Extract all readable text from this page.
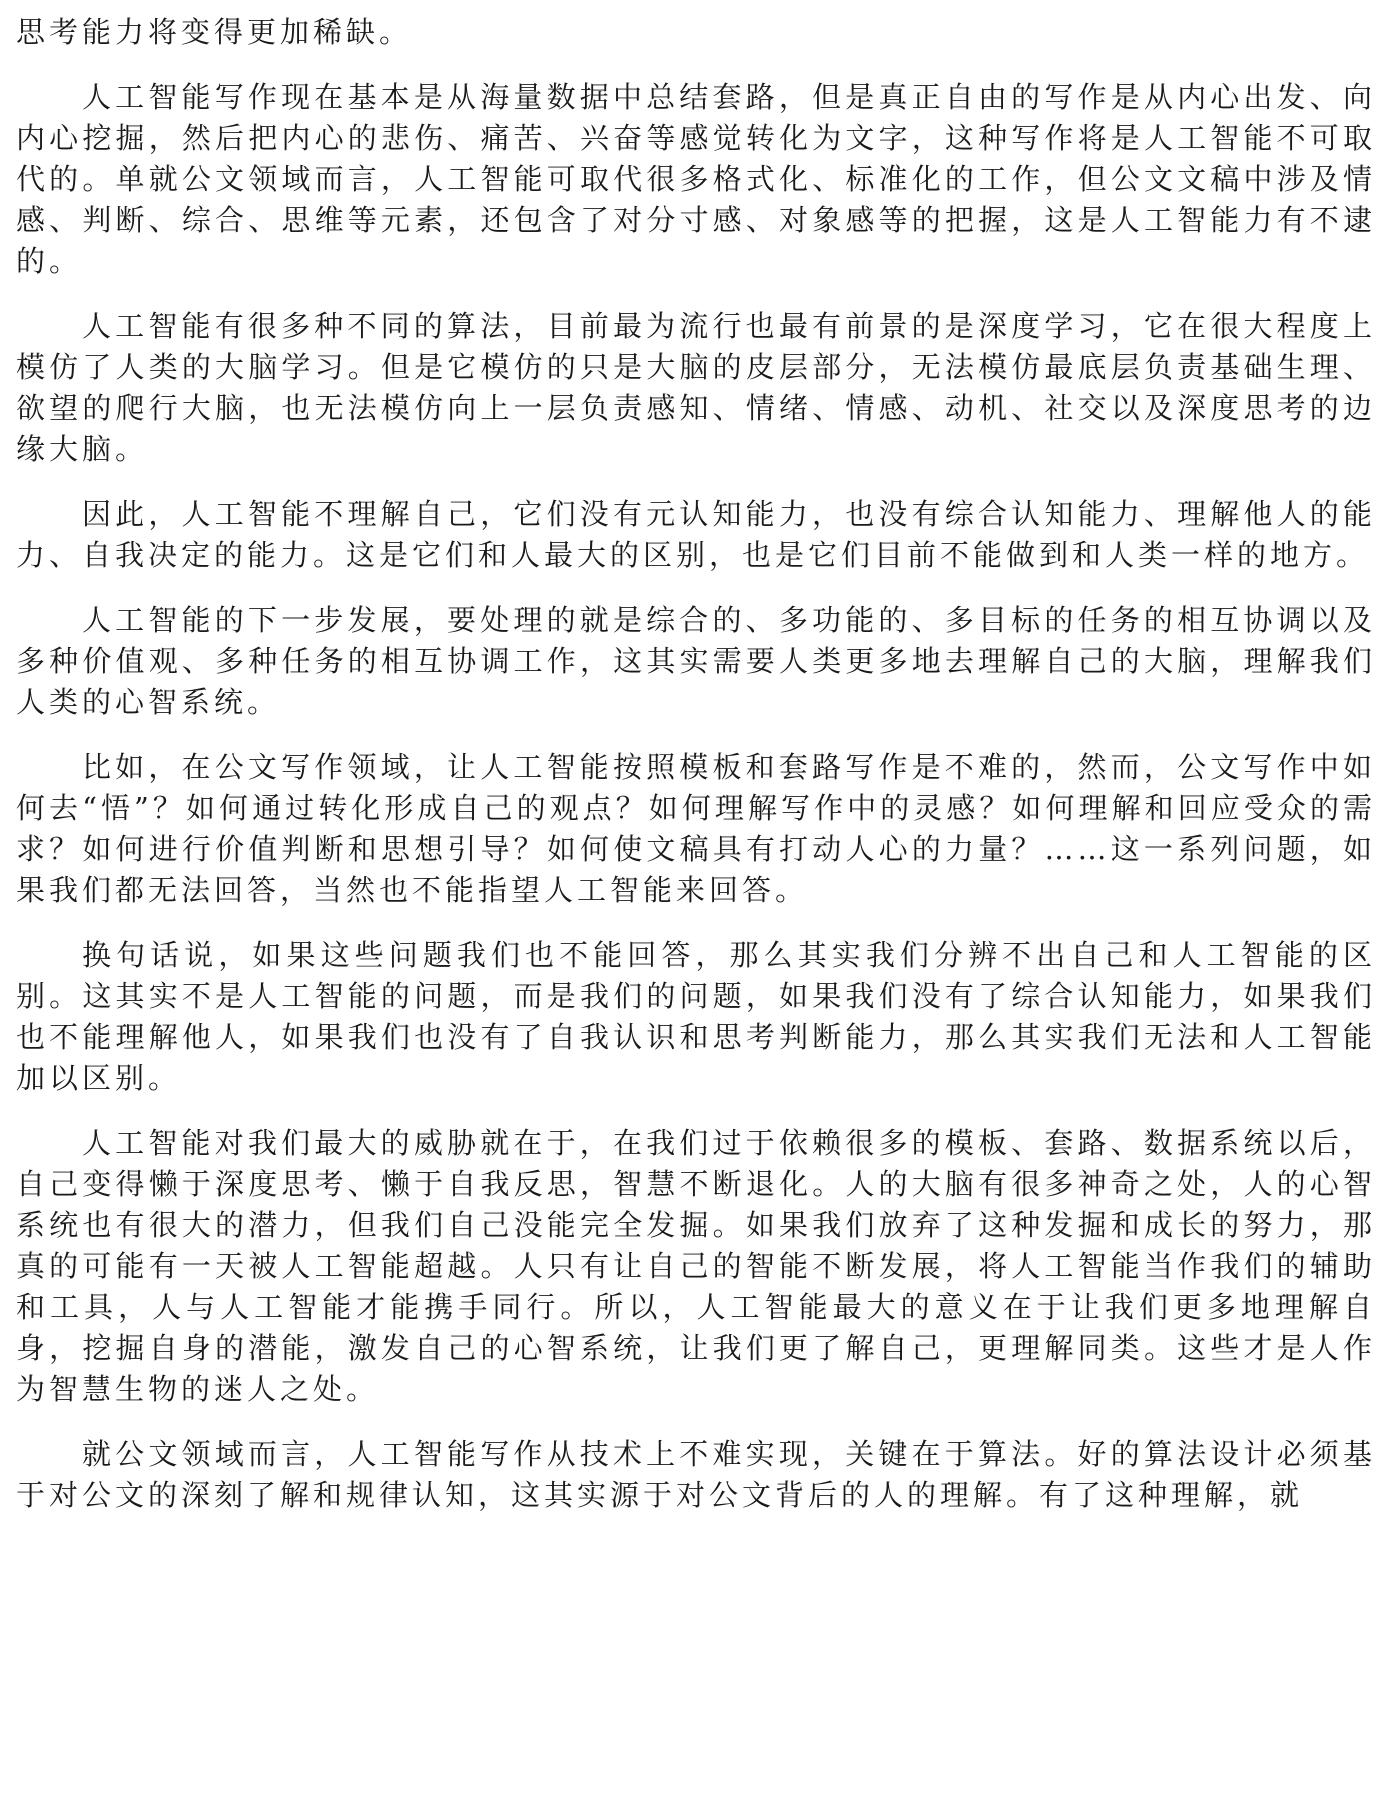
思考能力将变得更加稀缺。

人工智能写作现在基本是从海量数据中总结套路，但是真正自由的写作是从内心出发、向内心挖掘，然后把内心的悲伤、痛苦、兴奋等感觉转化为文字，这种写作将是人工智能不可取代的。单就公文领域而言，人工智能可取代很多格式化、标准化的工作，但公文文稿中涉及情感、判断、综合、思维等元素，还包含了对分寸感、对象感等的把握，这是人工智能力有不逮的。

人工智能有很多种不同的算法，目前最为流行也最有前景的是深度学习，它在很大程度上模仿了人类的大脑学习。但是它模仿的只是大脑的皮层部分，无法模仿最底层负责基础生理、欲望的爬行大脑，也无法模仿向上一层负责感知、情绪、情感、动机、社交以及深度思考的边缘大脑。

因此，人工智能不理解自己，它们没有元认知能力，也没有综合认知能力、理解他人的能力、自我决定的能力。这是它们和人最大的区别，也是它们目前不能做到和人类一样的地方。

人工智能的下一步发展，要处理的就是综合的、多功能的、多目标的任务的相互协调以及多种价值观、多种任务的相互协调工作，这其实需要人类更多地去理解自己的大脑，理解我们人类的心智系统。

比如，在公文写作领域，让人工智能按照模板和套路写作是不难的，然而，公文写作中如何去“悟”？如何通过转化形成自己的观点？如何理解写作中的灵感？如何理解和回应受众的需求？如何进行价值判断和思想引导？如何使文稿具有打动人心的力量？……这一系列问题，如果我们都无法回答，当然也不能指望人工智能来回答。

换句话说，如果这些问题我们也不能回答，那么其实我们分辨不出自己和人工智能的区别。这其实不是人工智能的问题，而是我们的问题，如果我们没有了综合认知能力，如果我们也不能理解他人，如果我们也没有了自我认识和思考判断能力，那么其实我们无法和人工智能加以区别。

人工智能对我们最大的威胁就在于，在我们过于依赖很多的模板、套路、数据系统以后，自己变得懒于深度思考、懒于自我反思，智慧不断退化。人的大脑有很多神奇之处，人的心智系统也有很大的潜力，但我们自己没能完全发掘。如果我们放弃了这种发掘和成长的努力，那真的可能有一天被人工智能超越。人只有让自己的智能不断发展，将人工智能当作我们的辅助和工具，人与人工智能才能携手同行。所以，人工智能最大的意义在于让我们更多地理解自身，挖掘自身的潜能，激发自己的心智系统，让我们更了解自己，更理解同类。这些才是人作为智慧生物的迷人之处。

就公文领域而言，人工智能写作从技术上不难实现，关键在于算法。好的算法设计必须基于对公文的深刻了解和规律认知，这其实源于对公文背后的人的理解。有了这种理解，就
